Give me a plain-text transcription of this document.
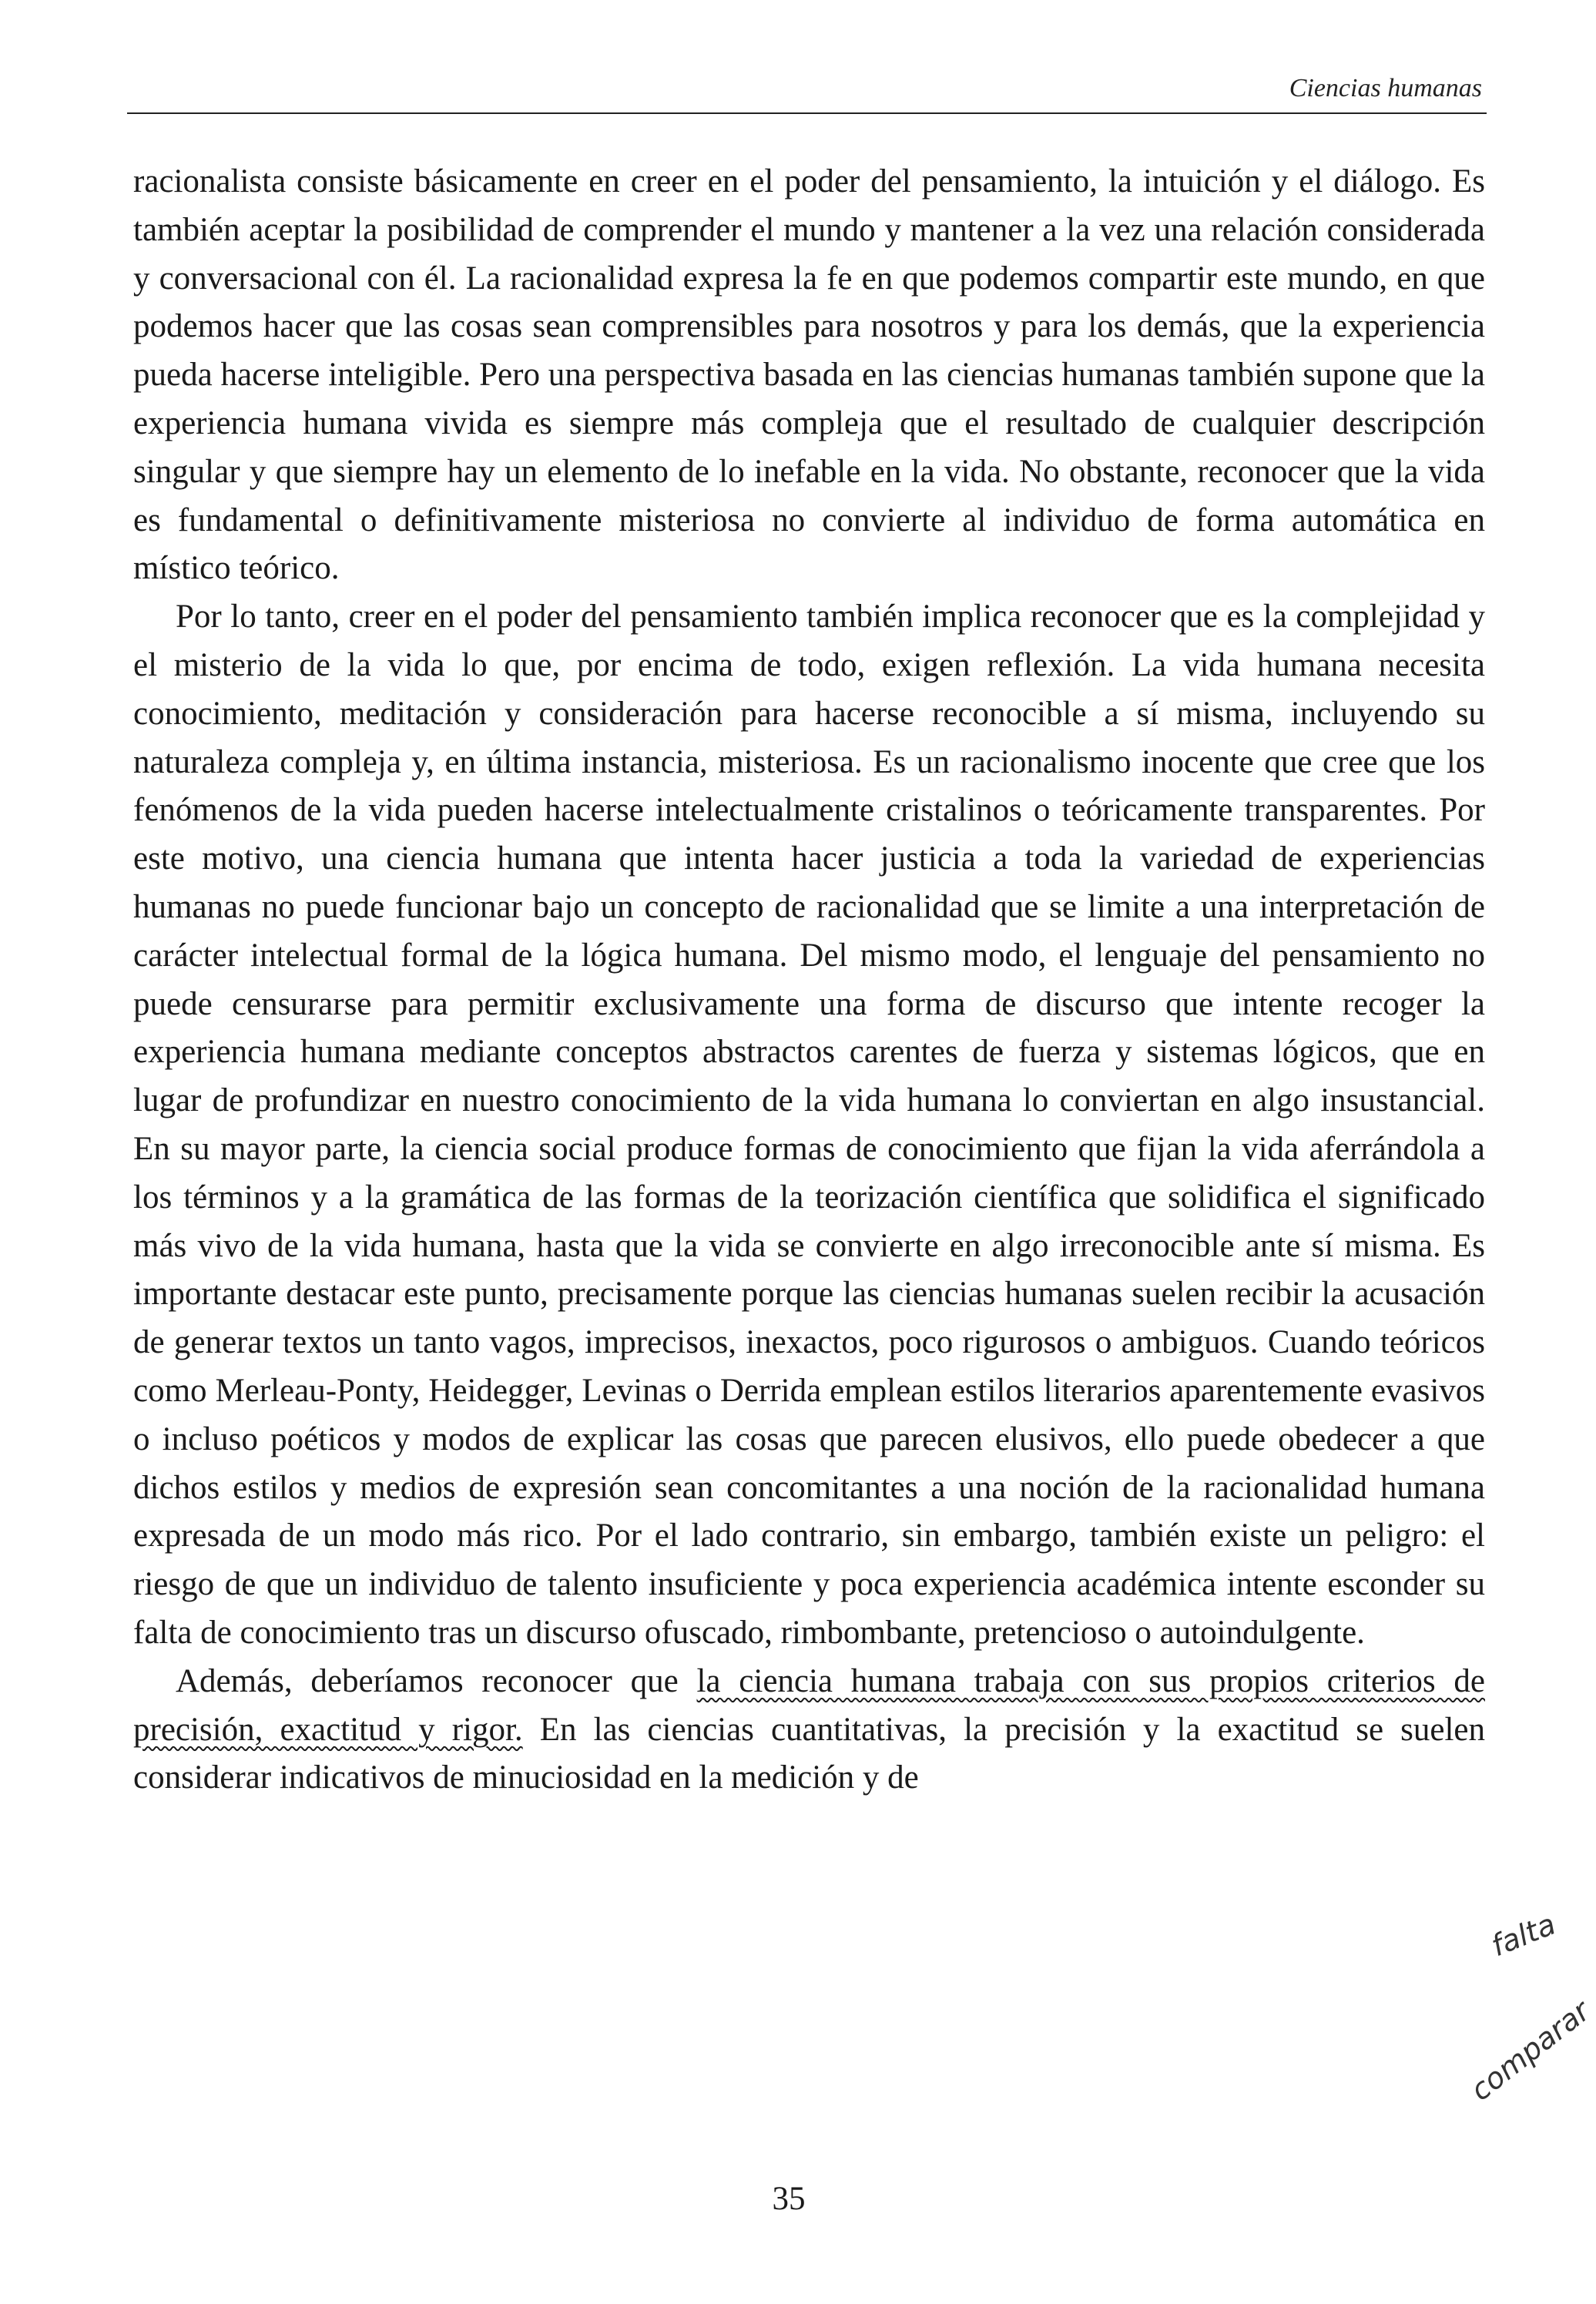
Ciencias humanas

racionalista consiste básicamente en creer en el poder del pensamiento, la intuición y el diálogo. Es también aceptar la posibilidad de comprender el mundo y mantener a la vez una relación considerada y conversacional con él. La racionalidad expresa la fe en que podemos compartir este mundo, en que podemos hacer que las cosas sean comprensibles para nosotros y para los demás, que la experiencia pueda hacerse inteligible. Pero una perspectiva basada en las ciencias humanas también supone que la experiencia humana vivida es siempre más compleja que el resultado de cualquier descripción singular y que siempre hay un elemento de lo inefable en la vida. No obstante, reconocer que la vida es fundamental o definitivamente misteriosa no convierte al individuo de forma automática en místico teórico.

Por lo tanto, creer en el poder del pensamiento también implica reconocer que es la complejidad y el misterio de la vida lo que, por encima de todo, exigen reflexión. La vida humana necesita conocimiento, meditación y consideración para hacerse reconocible a sí misma, incluyendo su naturaleza compleja y, en última instancia, misteriosa. Es un racionalismo inocente que cree que los fenómenos de la vida pueden hacerse intelectualmente cristalinos o teóricamente transparentes. Por este motivo, una ciencia humana que intenta hacer justicia a toda la variedad de experiencias humanas no puede funcionar bajo un concepto de racionalidad que se limite a una interpretación de carácter intelectual formal de la lógica humana. Del mismo modo, el lenguaje del pensamiento no puede censurarse para permitir exclusivamente una forma de discurso que intente recoger la experiencia humana mediante conceptos abstractos carentes de fuerza y sistemas lógicos, que en lugar de profundizar en nuestro conocimiento de la vida humana lo conviertan en algo insustancial. En su mayor parte, la ciencia social produce formas de conocimiento que fijan la vida aferrándola a los términos y a la gramática de las formas de la teorización científica que solidifica el significado más vivo de la vida humana, hasta que la vida se convierte en algo irreconocible ante sí misma. Es importante destacar este punto, precisamente porque las ciencias humanas suelen recibir la acusación de generar textos un tanto vagos, imprecisos, inexactos, poco rigurosos o ambiguos. Cuando teóricos como Merleau-Ponty, Heidegger, Levinas o Derrida emplean estilos literarios aparentemente evasivos o incluso poéticos y modos de explicar las cosas que parecen elusivos, ello puede obedecer a que dichos estilos y medios de expresión sean concomitantes a una noción de la racionalidad humana expresada de un modo más rico. Por el lado contrario, sin embargo, también existe un peligro: el riesgo de que un individuo de talento insuficiente y poca experiencia académica intente esconder su falta de conocimiento tras un discurso ofuscado, rimbombante, pretencioso o autoindulgente.

Además, deberíamos reconocer que la ciencia humana trabaja con sus propios criterios de precisión, exactitud y rigor. En las ciencias cuantitativas, la precisión y la exactitud se suelen considerar indicativos de minuciosidad en la medición y de

falta
comparar
35
